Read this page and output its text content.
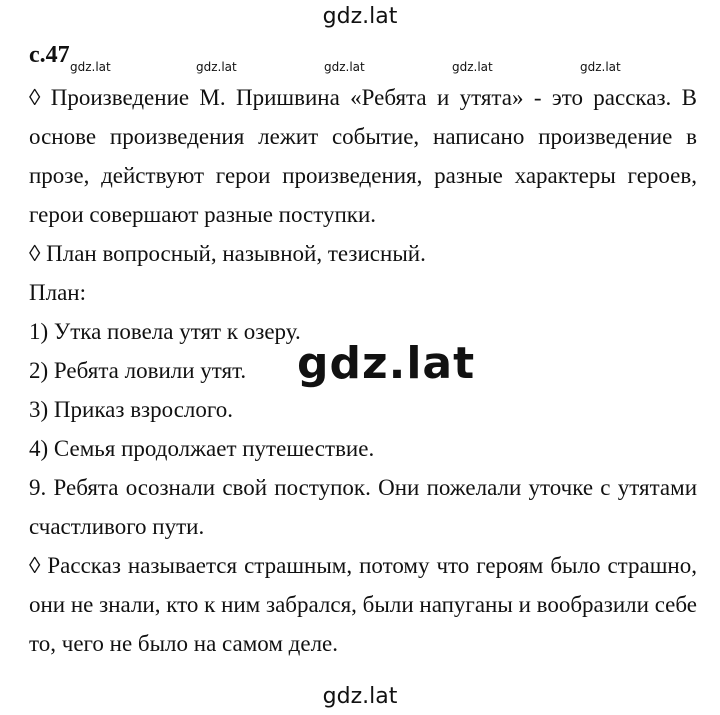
gdz.lat
с.47 gdz.lat	gdz.lat	gdz.lat	gdz.lat	gdz.lat

◊ Произведение М. Пришвина «Ребята и утята» - это рассказ. В основе произведения лежит событие, написано произведение в прозе, действуют герои произведения, разные характеры героев, герои совершают разные поступки.

◊ План вопросный, назывной, тезисный.

План:

1) Утка повела утят к озеру.

2) Ребята ловили утят.

3) Приказ взрослого.

4) Семья продолжает путешествие.

9. Ребята осознали свой поступок. Они пожелали уточке с утятами счастливого пути.

◊ Рассказ называется страшным, потому что героям было страшно, они не знали, кто к ним забрался, были напуганы и вообразили себе то, чего не было на самом деле.

gdz.lat
gdz.lat
